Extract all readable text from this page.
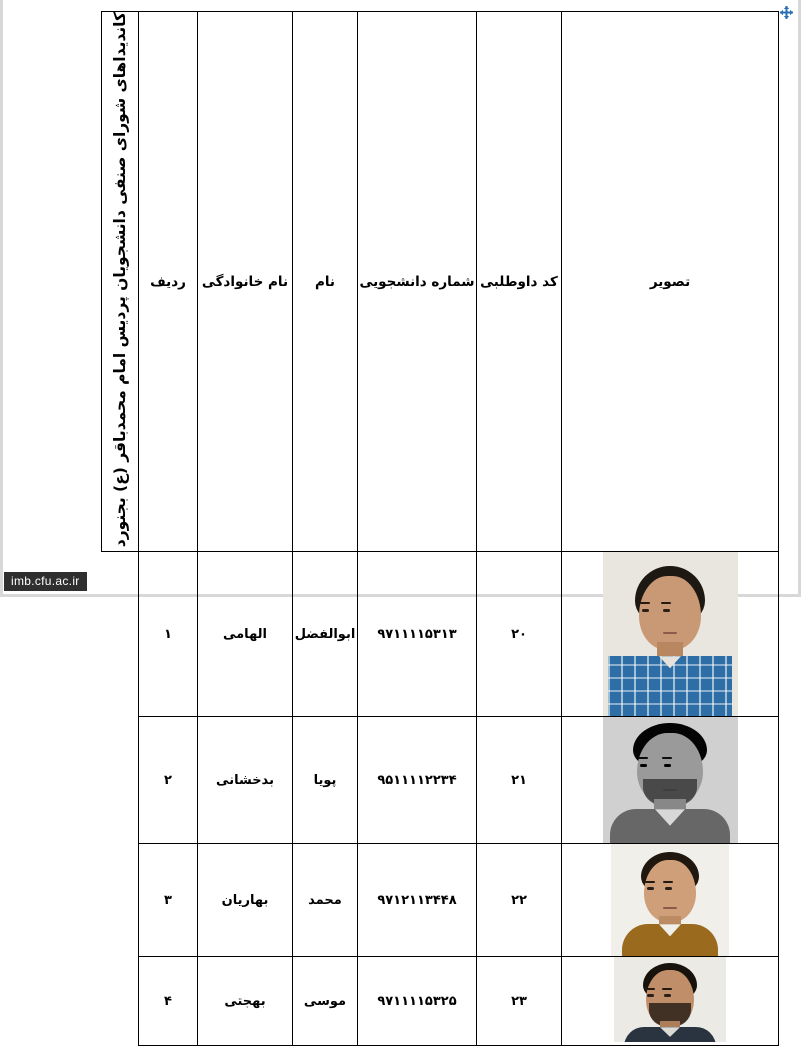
تصویر	کد داوطلبی	شماره دانشجویی	نام	نام خانوادگی	ردیف	کاندیداهای شورای صنفی دانشجویان پردیس امام محمدباقر (ع) بجنورد

	۲۰	۹۷۱۱۱۱۵۳۱۳	ابوالفضل	الهامی	۱	

	۲۱	۹۵۱۱۱۱۲۲۳۴	پویا	بدخشانی	۲	

	۲۲	۹۷۱۲۱۱۳۴۴۸	محمد	بهاریان	۳	

	۲۳	۹۷۱۱۱۱۵۳۲۵	موسی	بهجتی	۴	
imb.cfu.ac.ir
